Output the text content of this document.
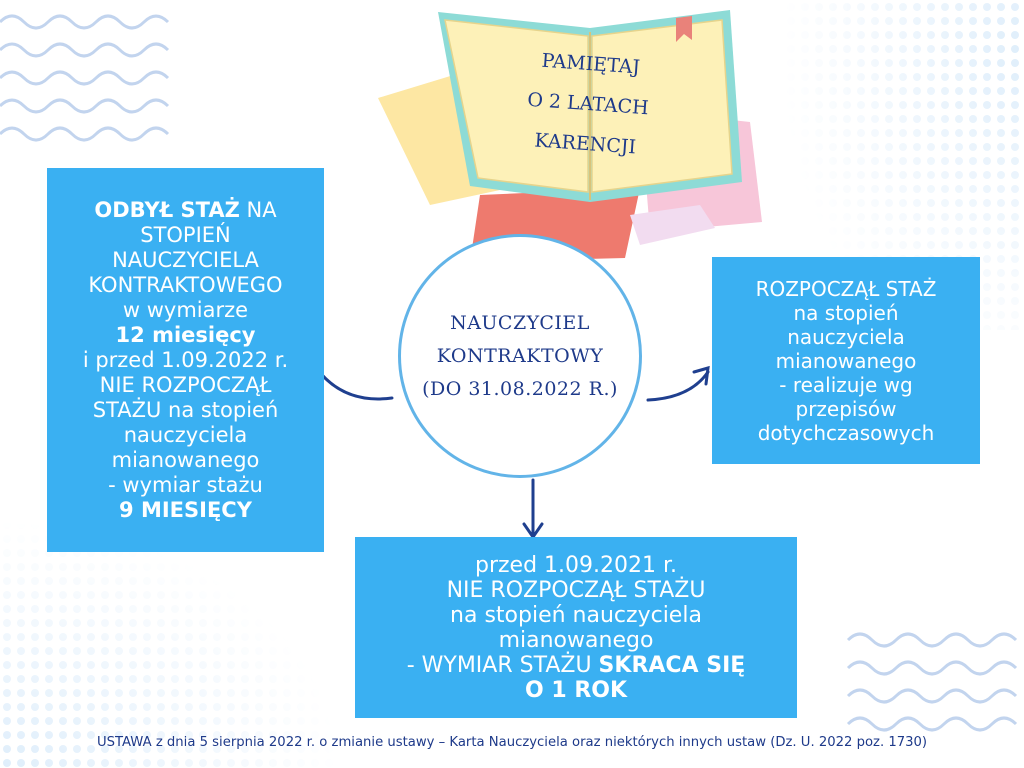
PAMIĘTAJ
O 2 LATACH
KARENCJI
ODBYŁ STAŻ NA
STOPIEŃ
NAUCZYCIELA
KONTRAKTOWEGO
w wymiarze
12 miesięcy
i przed 1.09.2022 r.
NIE ROZPOCZĄŁ
STAŻU na stopień
nauczyciela
mianowanego
- wymiar stażu
9 MIESIĘCY
NAUCZYCIEL
KONTRAKTOWY
(DO 31.08.2022 R.)
ROZPOCZĄŁ STAŻ
na stopień
nauczyciela
mianowanego
- realizuje wg
przepisów
dotychczasowych
przed 1.09.2021 r.
NIE ROZPOCZĄŁ STAŻU
na stopień nauczyciela
mianowanego
- WYMIAR STAŻU SKRACA SIĘ
O 1 ROK
USTAWA z dnia 5 sierpnia 2022 r. o zmianie ustawy – Karta Nauczyciela oraz niektórych innych ustaw (Dz. U. 2022 poz. 1730)
